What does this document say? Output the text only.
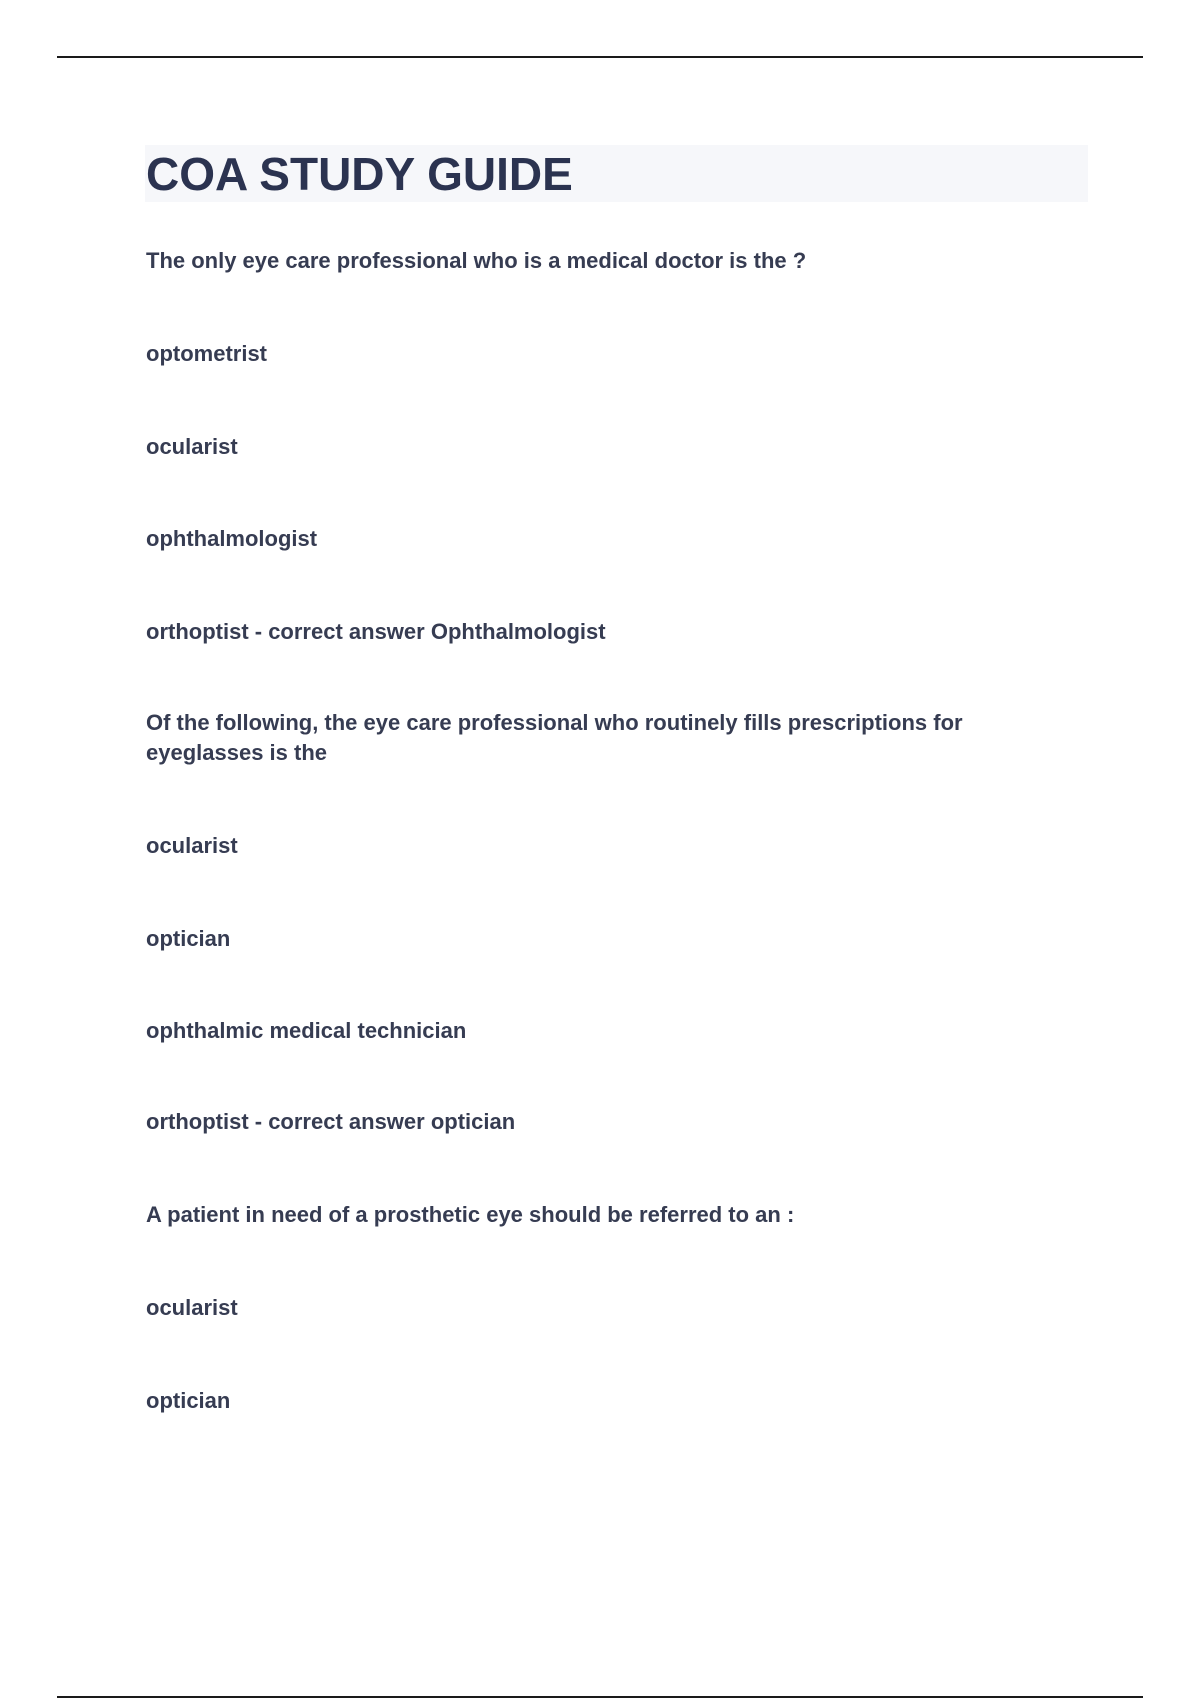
COA STUDY GUIDE

The only eye care professional who is a medical doctor is the ?

optometrist

ocularist

ophthalmologist

orthoptist - correct answer Ophthalmologist

Of the following, the eye care professional who routinely fills prescriptions for eyeglasses is the

ocularist

optician

ophthalmic medical technician

orthoptist - correct answer optician

A patient in need of a prosthetic eye should be referred to an :

ocularist

optician
